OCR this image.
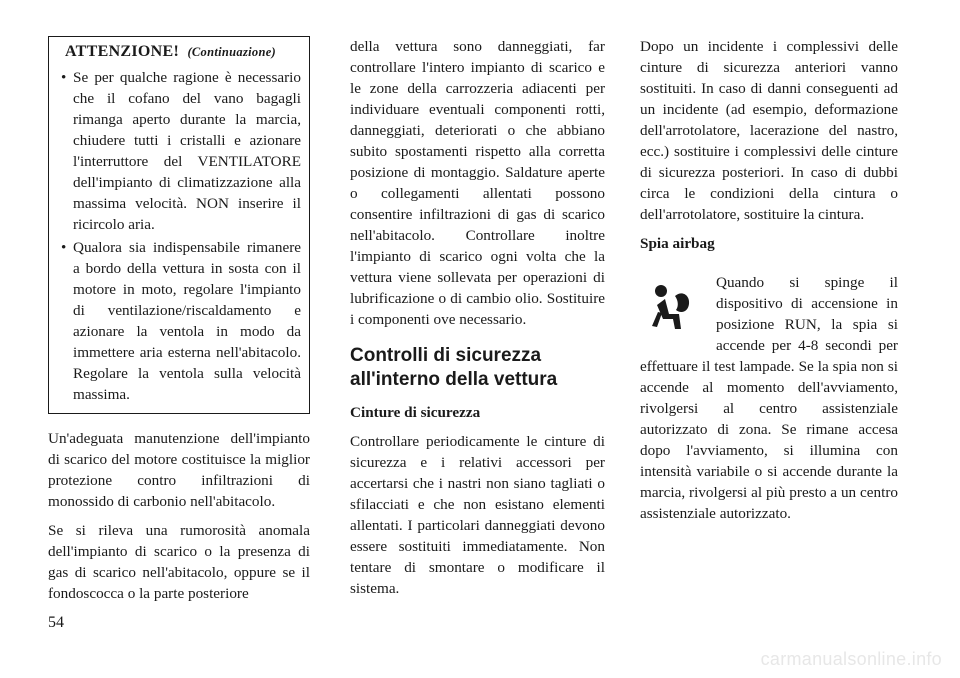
ATTENZIONE! (Continuazione)
• Se per qualche ragione è necessario che il cofano del vano bagagli rimanga aperto durante la marcia, chiudere tutti i cristalli e azionare l'interruttore del VENTILATORE dell'impianto di climatizzazione alla massima velocità. NON inserire il ricircolo aria.
• Qualora sia indispensabile rimanere a bordo della vettura in sosta con il motore in moto, regolare l'impianto di ventilazione/riscaldamento e azionare la ventola in modo da immettere aria esterna nell'abitacolo. Regolare la ventola sulla velocità massima.

Un'adeguata manutenzione dell'impianto di scarico del motore costituisce la miglior protezione contro infiltrazioni di monossido di carbonio nell'abitacolo.

Se si rileva una rumorosità anomala dell'impianto di scarico o la presenza di gas di scarico nell'abitacolo, oppure se il fondoscocca o la parte posteriore

della vettura sono danneggiati, far controllare l'intero impianto di scarico e le zone della carrozzeria adiacenti per individuare eventuali componenti rotti, danneggiati, deteriorati o che abbiano subito spostamenti rispetto alla corretta posizione di montaggio. Saldature aperte o collegamenti allentati possono consentire infiltrazioni di gas di scarico nell'abitacolo. Controllare inoltre l'impianto di scarico ogni volta che la vettura viene sollevata per operazioni di lubrificazione o di cambio olio. Sostituire i componenti ove necessario.

Controlli di sicurezza
all'interno della vettura
Cinture di sicurezza

Controllare periodicamente le cinture di sicurezza e i relativi accessori per accertarsi che i nastri non siano tagliati o sfilacciati e che non esistano elementi allentati. I particolari danneggiati devono essere sostituiti immediatamente. Non tentare di smontare o modificare il sistema.

Dopo un incidente i complessivi delle cinture di sicurezza anteriori vanno sostituiti. In caso di danni conseguenti ad un incidente (ad esempio, deformazione dell'arrotolatore, lacerazione del nastro, ecc.) sostituire i complessivi delle cinture di sicurezza posteriori. In caso di dubbi circa le condizioni della cintura o dell'arrotolatore, sostituire la cintura.

Spia airbag

Quando si spinge il dispositivo di accensione in posizione RUN, la spia si accende per 4-8 secondi per effettuare il test lampade. Se la spia non si accende al momento dell'avviamento, rivolgersi al centro assistenziale autorizzato di zona. Se rimane accesa dopo l'avviamento, si illumina con intensità variabile o si accende durante la marcia, rivolgersi al più presto a un centro assistenziale autorizzato.

54
carmanualsonline.info
